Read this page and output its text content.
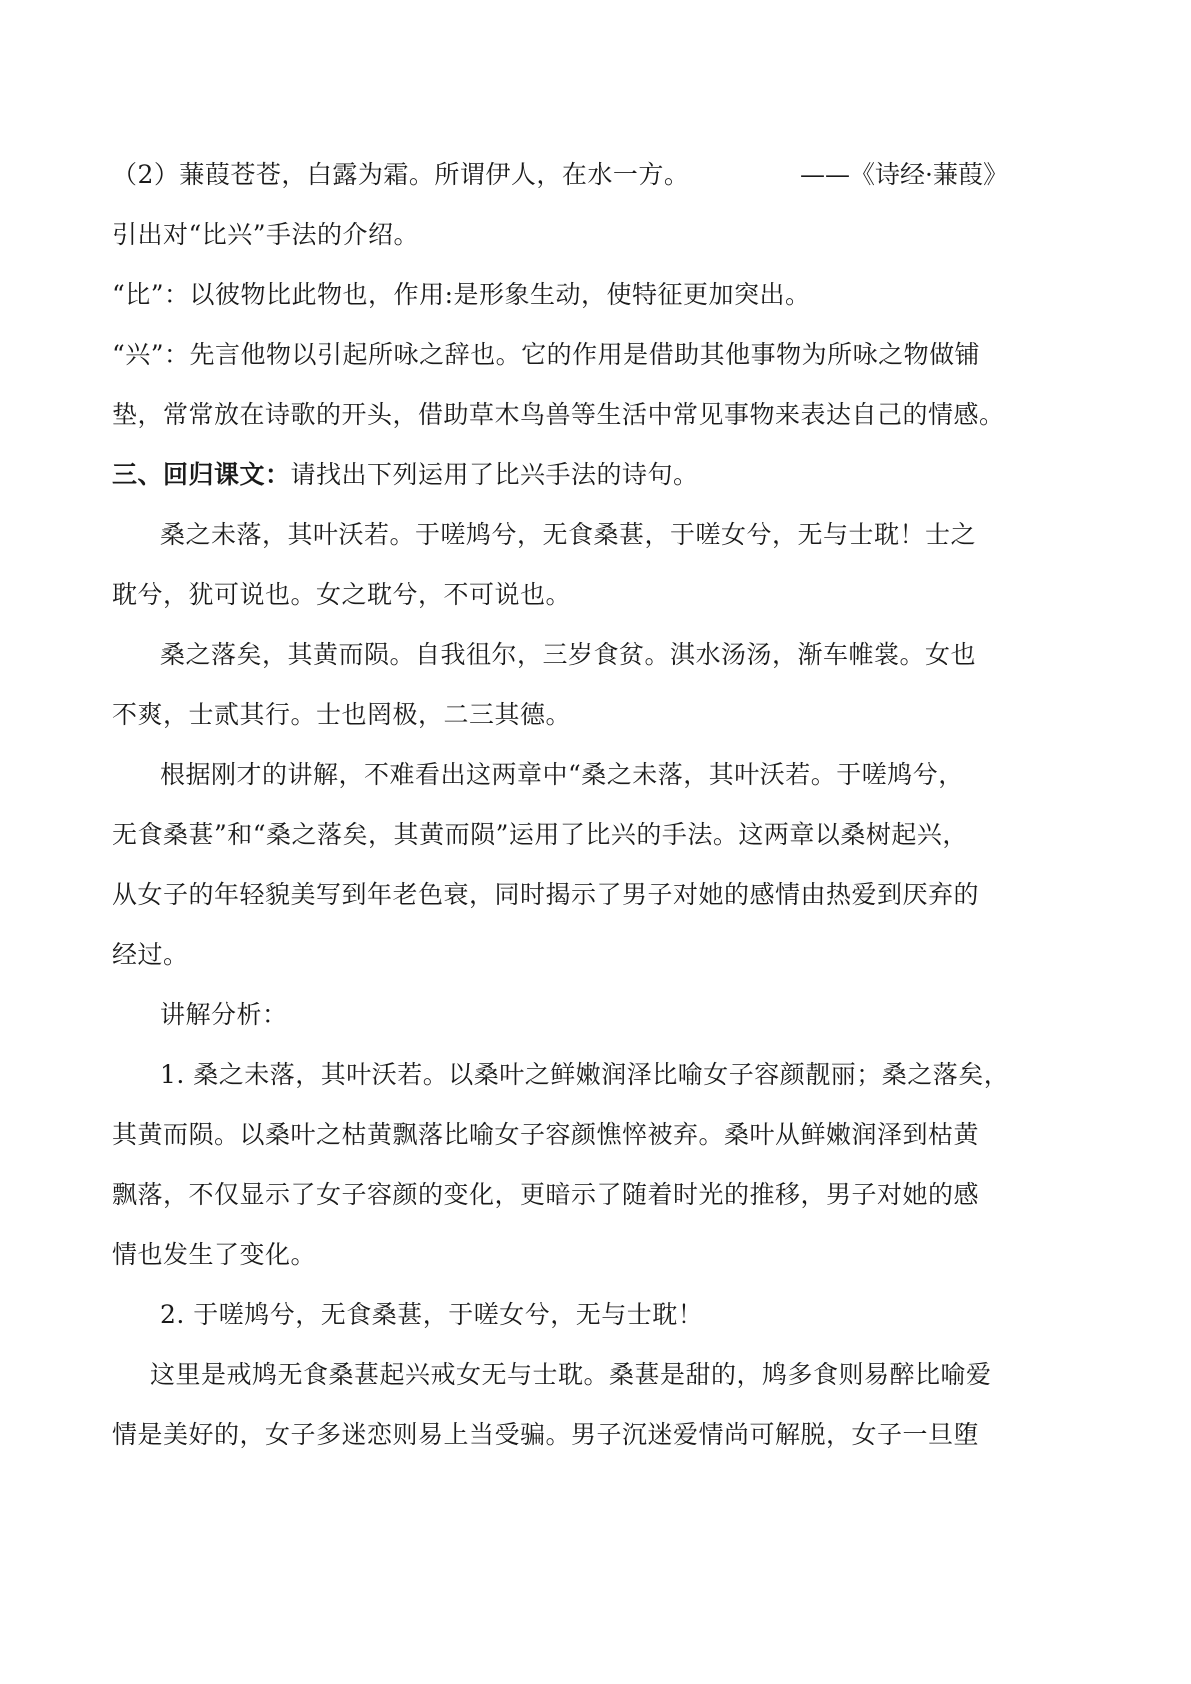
（2）蒹葭苍苍，白露为霜。所谓伊人，在水一方。	——《诗经·蒹葭》
引出对“比兴”手法的介绍。
“比”：以彼物比此物也，作用:是形象生动，使特征更加突出。
“兴”：先言他物以引起所咏之辞也。它的作用是借助其他事物为所咏之物做铺
垫，常常放在诗歌的开头，借助草木鸟兽等生活中常见事物来表达自己的情感。
三、回归课文：请找出下列运用了比兴手法的诗句。
桑之未落，其叶沃若。于嗟鸠兮，无食桑葚，于嗟女兮，无与士耽！士之
耽兮，犹可说也。女之耽兮，不可说也。
桑之落矣，其黄而陨。自我徂尔，三岁食贫。淇水汤汤，渐车帷裳。女也
不爽，士贰其行。士也罔极，二三其德。
根据刚才的讲解，不难看出这两章中“桑之未落，其叶沃若。于嗟鸠兮，
无食桑葚”和“桑之落矣，其黄而陨”运用了比兴的手法。这两章以桑树起兴，
从女子的年轻貌美写到年老色衰，同时揭示了男子对她的感情由热爱到厌弃的
经过。
讲解分析：
1. 桑之未落，其叶沃若。以桑叶之鲜嫩润泽比喻女子容颜靓丽；桑之落矣，
其黄而陨。以桑叶之枯黄飘落比喻女子容颜憔悴被弃。桑叶从鲜嫩润泽到枯黄
飘落，不仅显示了女子容颜的变化，更暗示了随着时光的推移，男子对她的感
情也发生了变化。
2. 于嗟鸠兮，无食桑葚，于嗟女兮，无与士耽！
这里是戒鸠无食桑葚起兴戒女无与士耽。桑葚是甜的，鸠多食则易醉比喻爱
情是美好的，女子多迷恋则易上当受骗。男子沉迷爱情尚可解脱，女子一旦堕
